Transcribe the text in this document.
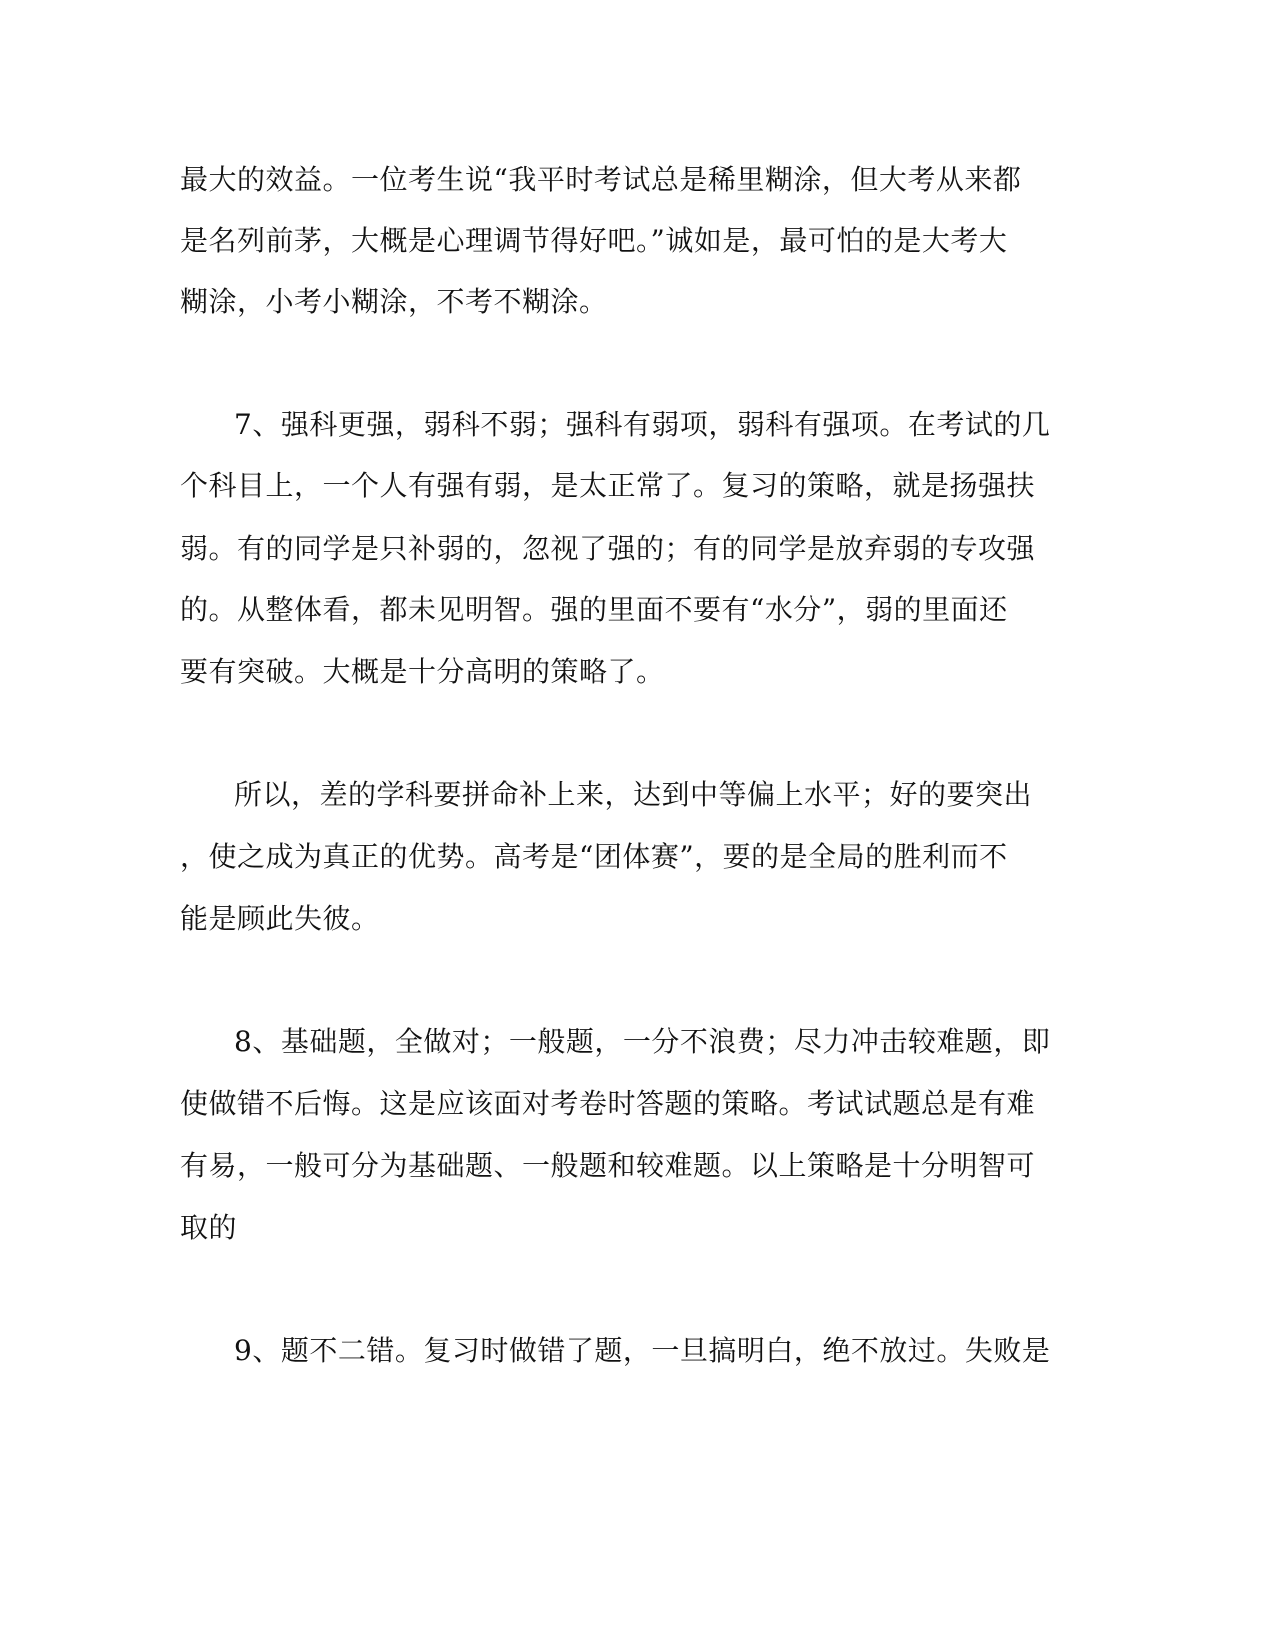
最大的效益。一位考生说“我平时考试总是稀里糊涂，但大考从来都

是名列前茅，大概是心理调节得好吧。”诚如是，最可怕的是大考大

糊涂，小考小糊涂，不考不糊涂。

7、强科更强，弱科不弱；强科有弱项，弱科有强项。在考试的几

个科目上，一个人有强有弱，是太正常了。复习的策略，就是扬强扶

弱。有的同学是只补弱的，忽视了强的；有的同学是放弃弱的专攻强

的。从整体看，都未见明智。强的里面不要有“水分”，弱的里面还

要有突破。大概是十分高明的策略了。

所以，差的学科要拼命补上来，达到中等偏上水平；好的要突出

，使之成为真正的优势。高考是“团体赛”，要的是全局的胜利而不

能是顾此失彼。

8、基础题，全做对；一般题，一分不浪费；尽力冲击较难题，即

使做错不后悔。这是应该面对考卷时答题的策略。考试试题总是有难

有易，一般可分为基础题、一般题和较难题。以上策略是十分明智可

取的

9、题不二错。复习时做错了题，一旦搞明白，绝不放过。失败是
